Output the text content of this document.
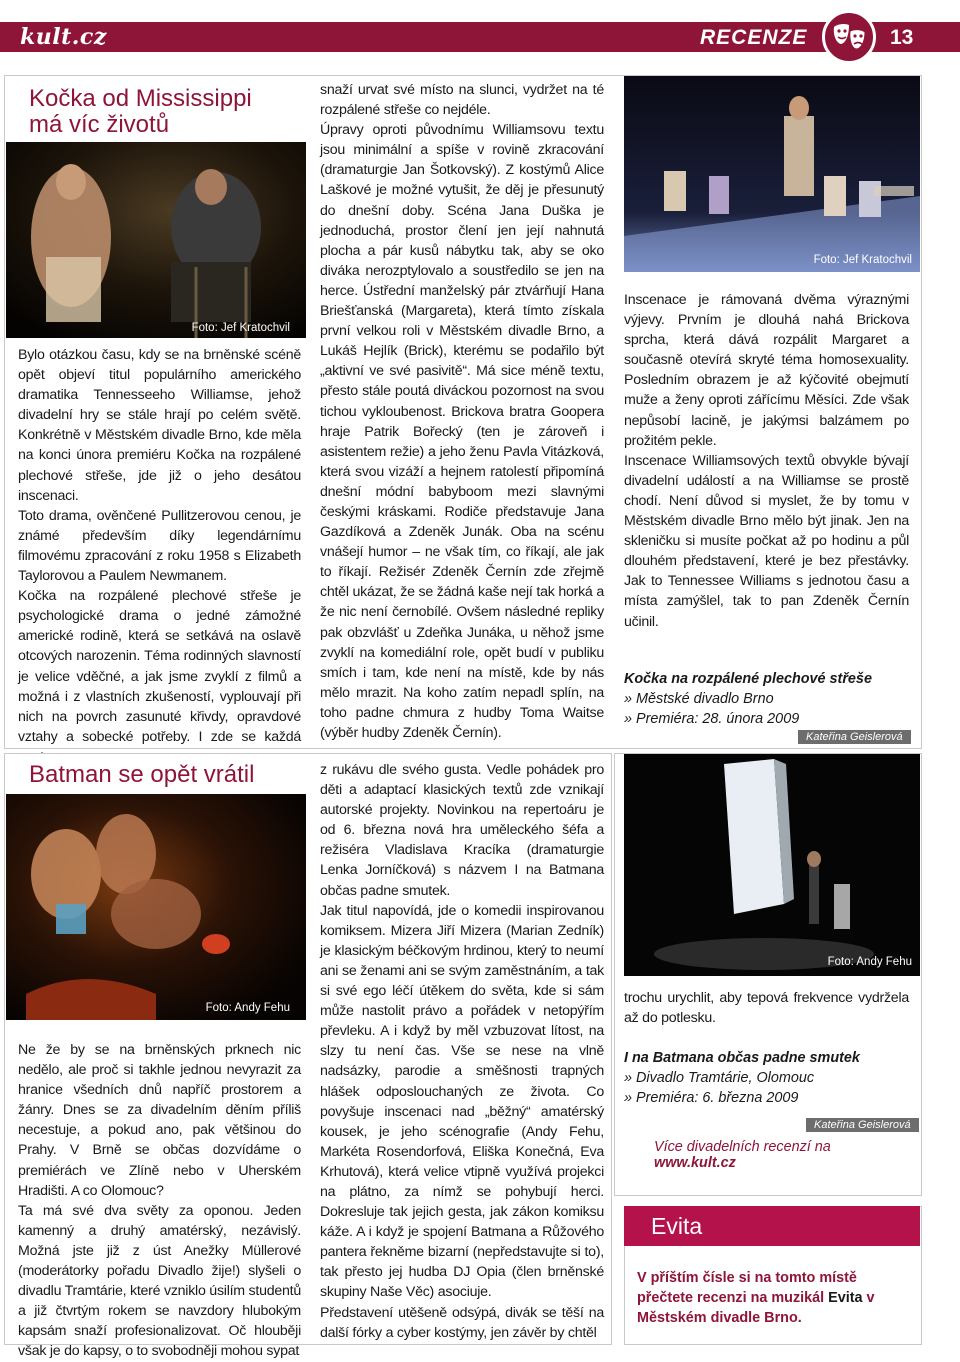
kult.cz	RECENZE	13
Kočka od Mississippi
má víc životů
Foto: Jef Kratochvil

Bylo otázkou času, kdy se na brněnské scéně opět objeví titul populárního amerického dramatika Tennesseeho Williamse, jehož divadelní hry se stále hrají po celém světě. Konkrétně v Městském divadle Brno, kde měla na konci února premiéru Kočka na rozpálené plechové střeše, jde již o jeho desátou inscenaci.

Toto drama, ověnčené Pullitzerovou cenou, je známé především díky legendárnímu filmovému zpracování z roku 1958 s Elizabeth Taylorovou a Paulem Newmanem.

Kočka na rozpálené plechové střeše je psychologické drama o jedné zámožné americké rodině, která se setkává na oslavě otcových narozenin. Téma rodinných slavností je velice vděčné, a jak jsme zvyklí z filmů a možná i z vlastních zkušeností, vyplouvají při nich na povrch zasunuté křivdy, opravdové vztahy a sobecké potřeby. I zde se každá

snaží urvat své místo na slunci, vydržet na té rozpálené střeše co nejdéle.

Úpravy oproti původnímu Williamsovu textu jsou minimální a spíše v rovině zkracování (dramaturgie Jan Šotkovský). Z kostýmů Alice Laškové je možné vytušit, že děj je přesunutý do dnešní doby. Scéna Jana Duška je jednoduchá, prostor člení jen její nahnutá plocha a pár kusů nábytku tak, aby se oko diváka nerozptylovalo a soustředilo se jen na herce. Ústřední manželský pár ztvárňují Hana Briešťanská (Margareta), která tímto získala první velkou roli v Městském divadle Brno, a Lukáš Hejlík (Brick), kterému se podařilo být „aktivní ve své pasivitě“. Má sice méně textu, přesto stále poutá diváckou pozornost na svou tichou vykloubenost. Brickova bratra Goopera hraje Patrik Bořecký (ten je zároveň i asistentem režie) a jeho ženu Pavla Vitázková, která svou vizáží a hejnem ratolestí připomíná dnešní módní babyboom mezi slavnými českými kráskami. Rodiče představuje Jana Gazdíková a Zdeněk Junák. Oba na scénu vnášejí humor – ne však tím, co říkají, ale jak to říkají. Režisér Zdeněk Černín zde zřejmě chtěl ukázat, že se žádná kaše nejí tak horká a že nic není černobílé. Ovšem následné repliky pak obzvlášť u Zdeňka Junáka, u něhož jsme zvyklí na komediální role, opět budí v publiku smích i tam, kde není na místě, kde by nás mělo mrazit. Na koho zatím nepadl splín, na toho padne chmura z hudby Toma Waitse (výběr hudby Zdeněk Černín).

Foto: Jef Kratochvil

Inscenace je rámovaná dvěma výraznými výjevy. Prvním je dlouhá nahá Brickova sprcha, která dává rozpálit Margaret a současně otevírá skryté téma homosexuality. Posledním obrazem je až kýčovité obejmutí muže a ženy oproti zářícímu Měsíci. Zde však nepůsobí lacině, je jakýmsi balzámem po prožitém pekle.

Inscenace Williamsových textů obvykle bývají divadelní událostí a na Williamse se prostě chodí. Není důvod si myslet, že by tomu v Městském divadle Brno mělo být jinak. Jen na skleničku si musíte počkat až po hodinu a půl dlouhém představení, které je bez přestávky. Jak to Tennessee Williams s jednotou času a místa zamýšlel, tak to pan Zdeněk Černín učinil.

Kočka na rozpálené plechové střeše
» Městské divadlo Brno
» Premiéra: 28. února 2009
Kateřina Geislerová
Batman se opět vrátil
Foto: Andy Fehu

Ne že by se na brněnských prknech nic nedělo, ale proč si takhle jednou nevyrazit za hranice všedních dnů napříč prostorem a žánry. Dnes se za divadelním děním příliš necestuje, a pokud ano, pak většinou do Prahy. V Brně se občas dozvídáme o premiérách ve Zlíně nebo v Uherském Hradišti. A co Olomouc?

Ta má své dva světy za oponou. Jeden kamenný a druhý amatérský, nezávislý. Možná jste již z úst Anežky Müllerové (moderátorky pořadu Divadlo žije!) slyšeli o divadlu Tramtárie, které vzniklo úsilím studentů a již čtvrtým rokem se navzdory hlubokým kapsám snaží profesionalizovat. Oč hlouběji však je do kapsy, o to svobodněji mohou sypat

z rukávu dle svého gusta. Vedle pohádek pro děti a adaptací klasických textů zde vznikají autorské projekty. Novinkou na repertoáru je od 6. března nová hra uměleckého šéfa a režiséra Vladislava Kracíka (dramaturgie Lenka Jorníčková) s názvem I na Batmana občas padne smutek.

Jak titul napovídá, jde o komedii inspirovanou komiksem. Mizera Jiří Mizera (Marian Zedník) je klasickým béčkovým hrdinou, který to neumí ani se ženami ani se svým zaměstnáním, a tak si své ego léčí útěkem do světa, kde si sám může nastolit právo a pořádek v netopýřím převleku. A i když by měl vzbuzovat lítost, na slzy tu není čas. Vše se nese na vlně nadsázky, parodie a směšnosti trapných hlášek odposlouchaných ze života. Co povyšuje inscenaci nad „běžný“ amatérský kousek, je jeho scénografie (Andy Fehu, Markéta Rosendorfová, Eliška Konečná, Eva Krhutová), která velice vtipně využívá projekci na plátno, za nímž se pohybují herci. Dokresluje tak jejich gesta, jak zákon komiksu káže. A i když je spojení Batmana a Růžového pantera řekněme bizarní (nepředstavujte si to), tak přesto jej hudba DJ Opia (člen brněnské skupiny Naše Věc) asociuje.

Představení utěšeně odsýpá, divák se těší na další fórky a cyber kostýmy, jen závěr by chtěl

Foto: Andy Fehu

trochu urychlit, aby tepová frekvence vydržela až do potlesku.

I na Batmana občas padne smutek
» Divadlo Tramtárie, Olomouc
» Premiéra: 6. března 2009
Kateřina Geislerová
Více divadelních recenzí na www.kult.cz
Evita
V příštím čísle si na tomto místě přečtete recenzi na muzikál Evita v Městském divadle Brno.
